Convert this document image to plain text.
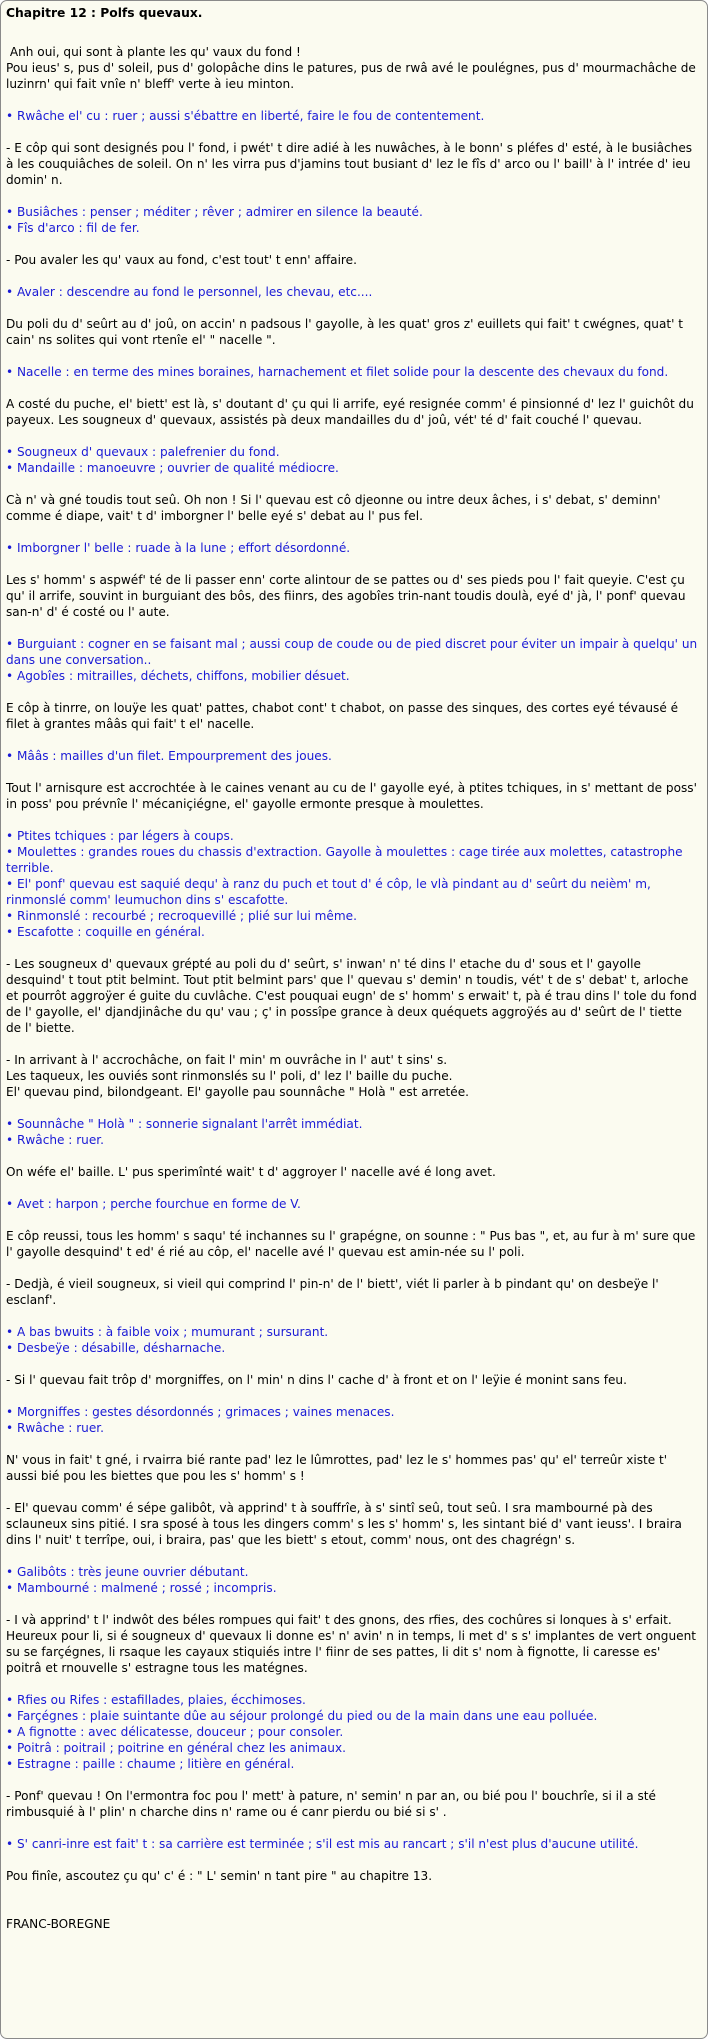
Chapitre 12 : Polfs quevaux.
Anh oui, qui sont à plante les qu' vaux du fond !
Pou ieus' s, pus d' soleil, pus d' golopâche dins le patures, pus de rwâ avé le poulégnes, pus d' mourmachâche de luzinrn' qui fait vnîe n' bleff' verte à ieu minton.
• Rwâche el' cu : ruer ; aussi s'ébattre en liberté, faire le fou de contentement.
- E côp qui sont designés pou l' fond, i pwét' t dire adié à les nuwâches, à le bonn' s pléfes d' esté, à le busiâches à les couquiâches de soleil. On n' les virra pus d'jamins tout busiant d' lez le fîs d' arco ou l' baill' à l' intrée d' ieu domin' n.
• Busiâches : penser ; méditer ; rêver ; admirer en silence la beauté.
• Fîs d'arco : fil de fer.
- Pou avaler les qu' vaux au fond, c'est tout' t enn' affaire.
• Avaler : descendre au fond le personnel, les chevau, etc....
Du poli du d' seûrt au d' joû, on accin' n padsous l' gayolle, à les quat' gros z' euillets qui fait' t cwégnes, quat' t cain' ns solites qui vont rtenîe el' " nacelle ".
• Nacelle : en terme des mines boraines, harnachement et filet solide pour la descente des chevaux du fond.
A costé du puche, el' biett' est là, s' doutant d' çu qui li arrife, eyé resignée comm' é pinsionné d' lez l' guichôt du payeux. Les sougneux d' quevaux, assistés pà deux mandailles du d' joû, vét' té d' fait couché l' quevau.
• Sougneux d' quevaux : palefrenier du fond.
• Mandaille : manoeuvre ; ouvrier de qualité médiocre.
Cà n' và gné toudis tout seû. Oh non ! Si l' quevau est cô djeonne ou intre deux âches, i s' debat, s' deminn' comme é diape, vait' t d' imborgner l' belle eyé s' debat au l' pus fel.
• Imborgner l' belle : ruade à la lune ; effort désordonné.
Les s' homm' s aspwéf' té de li passer enn' corte alintour de se pattes ou d' ses pieds pou l' fait queyie. C'est çu qu' il arrife, souvint in burguiant des bôs, des fiinrs, des agobîes trin-nant toudis doulà, eyé d' jà, l' ponf' quevau san-n' d' é costé ou l' aute.
• Burguiant : cogner en se faisant mal ; aussi coup de coude ou de pied discret pour éviter un impair à quelqu' un dans une conversation..
• Agobîes : mitrailles, déchets, chiffons, mobilier désuet.
E côp à tinrre, on louÿe les quat' pattes, chabot cont' t chabot, on passe des sinques, des cortes eyé tévausé é filet à grantes mââs qui fait' t el' nacelle.
• Mââs : mailles d'un filet. Empourprement des joues.
Tout l' arnisqure est accrochtée à le caines venant au cu de l' gayolle eyé, à ptites tchiques, in s' mettant de poss' in poss' pou prévnîe l' mécaniçiégne, el' gayolle ermonte presque à moulettes.
• Ptites tchiques : par légers à coups.
• Moulettes : grandes roues du chassis d'extraction. Gayolle à moulettes : cage tirée aux molettes, catastrophe terrible.
• El' ponf' quevau est saquié dequ' à ranz du puch et tout d' é côp, le vlà pindant au d' seûrt du neièm' m, rinmonslé comm' leumuchon dins s' escafotte.
• Rinmonslé : recourbé ; recroquevillé ; plié sur lui même.
• Escafotte : coquille en général.
- Les sougneux d' quevaux grépté au poli du d' seûrt, s' inwan' n' té dins l' etache du d' sous et l' gayolle desquind' t tout ptit belmint. Tout ptit belmint pars' que l' quevau s' demin' n toudis, vét' t de s' debat' t, arloche et pourrôt aggroÿer é guite du cuvlâche. C'est pouquai eugn' de s' homm' s erwait' t, pà é trau dins l' tole du fond de l' gayolle, el' djandjinâche du qu' vau ; ç' in possîpe grance à deux quéquets aggroÿés au d' seûrt de l' tiette de l' biette.
- In arrivant à l' accrochâche, on fait l' min' m ouvrâche in l' aut' t sins' s.
Les taqueux, les ouviés sont rinmonslés su l' poli, d' lez l' baille du puche.
El' quevau pind, bilondgeant. El' gayolle pau sounnâche " Holà " est arretée.
• Sounnâche " Holà " : sonnerie signalant l'arrêt immédiat.
• Rwâche : ruer.
On wéfe el' baille. L' pus sperimînté wait' t d' aggroyer l' nacelle avé é long avet.
• Avet : harpon ; perche fourchue en forme de V.
E côp reussi, tous les homm' s saqu' té inchannes su l' grapégne, on sounne : " Pus bas ", et, au fur à m' sure que l' gayolle desquind' t ed' é rié au côp, el' nacelle avé l' quevau est amin-née su l' poli.
- Dedjà, é vieil sougneux, si vieil qui comprind l' pin-n' de l' biett', viét li parler à b pindant qu' on desbeÿe l' esclanf'.
• A bas bwuits : à faible voix ; mumurant ; sursurant.
• Desbeÿe : désabille, désharnache.
- Si l' quevau fait trôp d' morgniffes, on l' min' n dins l' cache d' à front et on l' leÿie é monint sans feu.
• Morgniffes : gestes désordonnés ; grimaces ; vaines menaces.
• Rwâche : ruer.
N' vous in fait' t gné, i rvairra bié rante pad' lez le lûmrottes, pad' lez le s' hommes pas' qu' el' terreûr xiste t' aussi bié pou les biettes que pou les s' homm' s !
- El' quevau comm' é sépe galibôt, và apprind' t à souffrîe, à s' sintî seû, tout seû. I sra mambourné pà des sclauneux sins pitié. I sra sposé à tous les dingers comm' s les s' homm' s, les sintant bié d' vant ieuss'. I braira dins l' nuit' t terrîpe, oui, i braira, pas' que les biett' s etout, comm' nous, ont des chagrégn' s.
• Galibôts : très jeune ouvrier débutant.
• Mambourné : malmené ; rossé ; incompris.
- I và apprind' t l' indwôt des béles rompues qui fait' t des gnons, des rfies, des cochûres si lonques à s' erfait. Heureux pour li, si é sougneux d' quevaux li donne es' n' avin' n in temps, li met d' s s' implantes de vert onguent su se farçégnes, li rsaque les cayaux stiquiés intre l' fiinr de ses pattes, li dit s' nom à fignotte, li caresse es' poitrâ et rnouvelle s' estragne tous les matégnes.
• Rfies ou Rifes : estafillades, plaies, écchimoses.
• Farçégnes : plaie suintante dûe au séjour prolongé du pied ou de la main dans une eau polluée.
• A fignotte : avec délicatesse, douceur ; pour consoler.
• Poitrâ : poitrail ; poitrine en général chez les animaux.
• Estragne : paille : chaume ; litière en général.
- Ponf' quevau ! On l'ermontra foc pou l' mett' à pature, n' semin' n par an, ou bié pou l' bouchrîe, si il a sté rimbusquié à l' plin' n charche dins n' rame ou é canr pierdu ou bié si s' .
• S' canri-inre est fait' t : sa carrière est terminée ; s'il est mis au rancart ; s'il n'est plus d'aucune utilité.
Pou finîe, ascoutez çu qu' c' é : " L' semin' n tant pire " au chapitre 13.
FRANC-BOREGNE
